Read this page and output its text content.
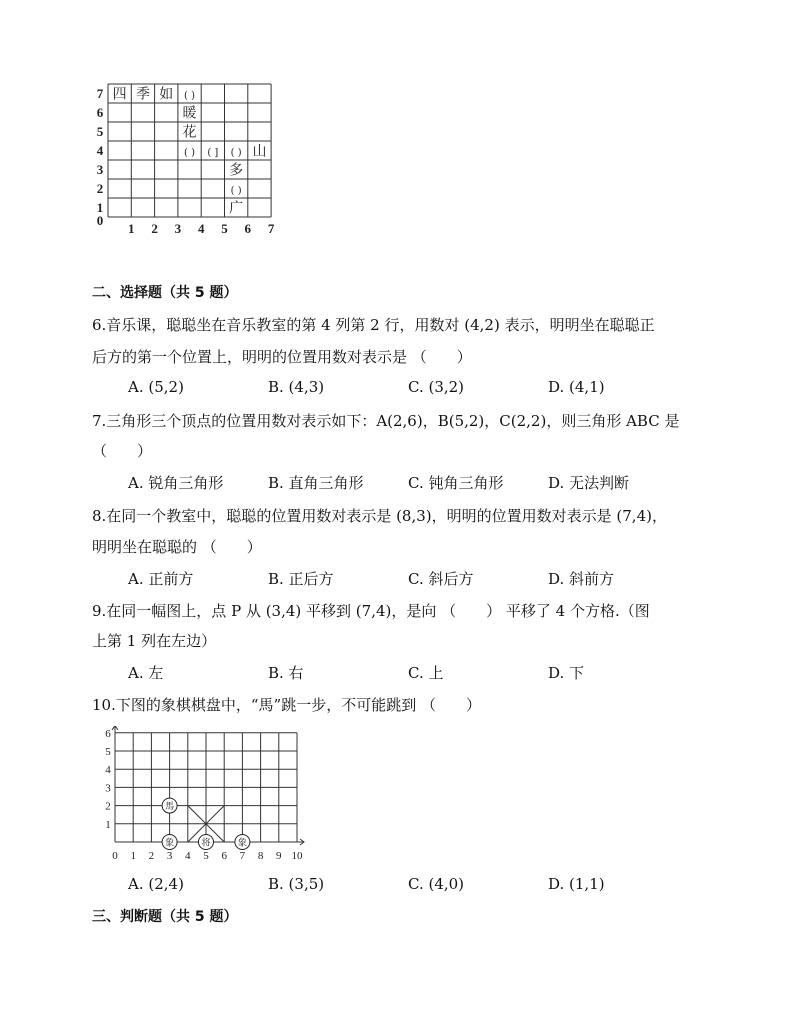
7
6
5
4
3
2
1
0
1 2 3 4 5 6 7
四 季 如 ( )
暖
花
( ) ( ] ( ) 山
多
( )
广
二、选择题（共 5 题）
6.音乐课，聪聪坐在音乐教室的第 4 列第 2 行，用数对 (4,2) 表示，明明坐在聪聪正
后方的第一个位置上，明明的位置用数对表示是 （　　）
A. (5,2)	B. (4,3)	C. (3,2)	D. (4,1)
7.三角形三个顶点的位置用数对表示如下：A(2,6)，B(5,2)，C(2,2)，则三角形 ABC 是
（　　）
A. 锐角三角形	B. 直角三角形	C. 钝角三角形	D. 无法判断
8.在同一个教室中，聪聪的位置用数对表示是 (8,3)，明明的位置用数对表示是 (7,4)，
明明坐在聪聪的 （　　）
A. 正前方	B. 正后方	C. 斜后方	D. 斜前方
9.在同一幅图上，点 P 从 (3,4) 平移到 (7,4)，是向 （　　） 平移了 4 个方格.（图
上第 1 列在左边）
A. 左	B. 右	C. 上	D. 下
10.下图的象棋棋盘中，“馬”跳一步，不可能跳到 （　　）
1
2
3
4
5
6
0 1 2 3 4 5 6 7 8 9 10
馬
象	将	象
A. (2,4)	B. (3,5)	C. (4,0)	D. (1,1)
三、判断题（共 5 题）
